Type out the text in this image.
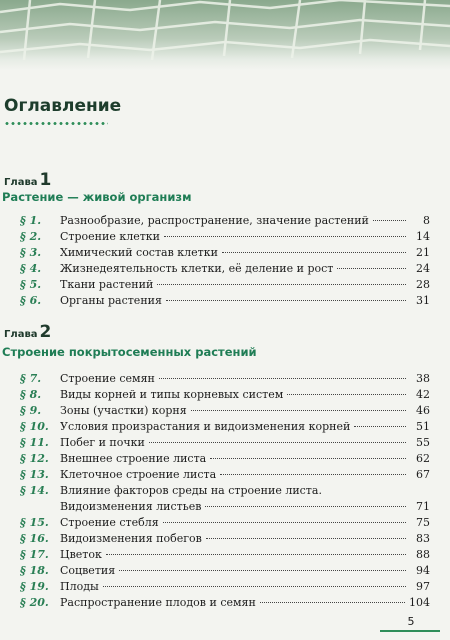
Оглавление
Глава 1
Растение — живой организм
§ 1.	Разнообразие, распространение, значение растений	8
§ 2.	Строение клетки	14
§ 3.	Химический состав клетки	21
§ 4.	Жизнедеятельность клетки, её деление и рост	24
§ 5.	Ткани растений	28
§ 6.	Органы растения	31
Глава 2
Строение покрытосеменных растений
§ 7.	Строение семян	38
§ 8.	Виды корней и типы корневых систем	42
§ 9.	Зоны (участки) корня	46
§ 10.	Условия произрастания и видоизменения корней	51
§ 11.	Побег и почки	55
§ 12.	Внешнее строение листа	62
§ 13.	Клеточное строение листа	67
§ 14.	Влияние факторов среды на строение листа.
Видоизменения листьев	71
§ 15.	Строение стебля	75
§ 16.	Видоизменения побегов	83
§ 17.	Цветок	88
§ 18.	Соцветия	94
§ 19.	Плоды	97
§ 20.	Распространение плодов и семян	104
5
